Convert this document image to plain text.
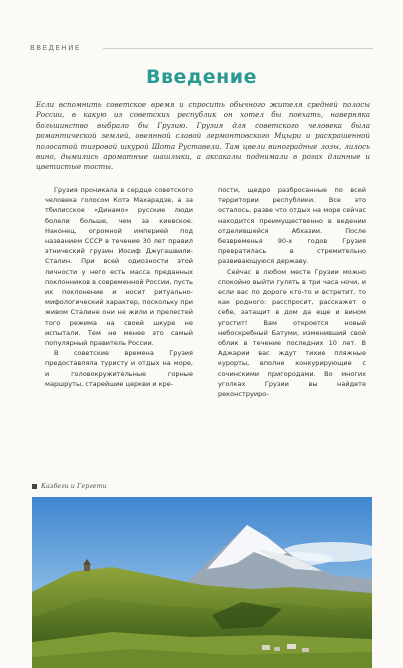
ВВЕДЕНИЕ
Введение
Если вспомнить советское время и спросить обычного жителя средней полосы России, в какую из советских республик он хотел бы поехать, наверняка большинство выбрало бы Грузию. Грузия для советского человека была романтической землей, овеянной славой лермонтовского Мцыри и раскрашенной полосатой тигровой шкурой Шота Руставели. Там цвели виноградные лозы, лилось вино, дымились ароматные шашлыки, а аксакалы поднимали в рогах длинные и цветистые тосты.

Грузия проникала в сердце советского человека голосом Котэ Махарадзе, а за тбилисское «Динамо» русские люди болели больше, чем за киевское. Наконец, огромной империей под названием СССР в течение 30 лет правил этнический грузин Иосиф Джугашвили-Сталин. При всей одиозности этой личности у него есть масса преданных поклонников в современной России, пусть их поклонение и носит ритуально-мифологический характер, поскольку при живом Сталине они не жили и прелестей того режима на своей шкуре не испытали. Тем не менее это самый популярный правитель России.

В советские времена Грузия предоставляла туристу и отдых на море, и головокружительные горные маршруты, старейшие церкви и кре-

пости, щедро разбросанные по всей территории республики. Все это осталось, разве что отдых на море сейчас находится преимущественно в ведении отделившейся Абхазии. После безвременья 90-х годов Грузия превратилась в стремительно развивающуюся державу.

Сейчас в любом месте Грузии можно спокойно выйти гулять в три часа ночи, и если вас по дороге кто-то и встретит, то как родного: расспросит, расскажет о себе, затащит в дом да еще и вином угостит! Вам откроется новый небоскребный Батуми, изменивший свой облик в течение последних 10 лет. В Аджарии вас ждут тихие пляжные курорты, вполне конкурирующие с сочинскими пригородами. Во многих уголках Грузии вы найдете реконструиро-

Казбеги и Гергети
